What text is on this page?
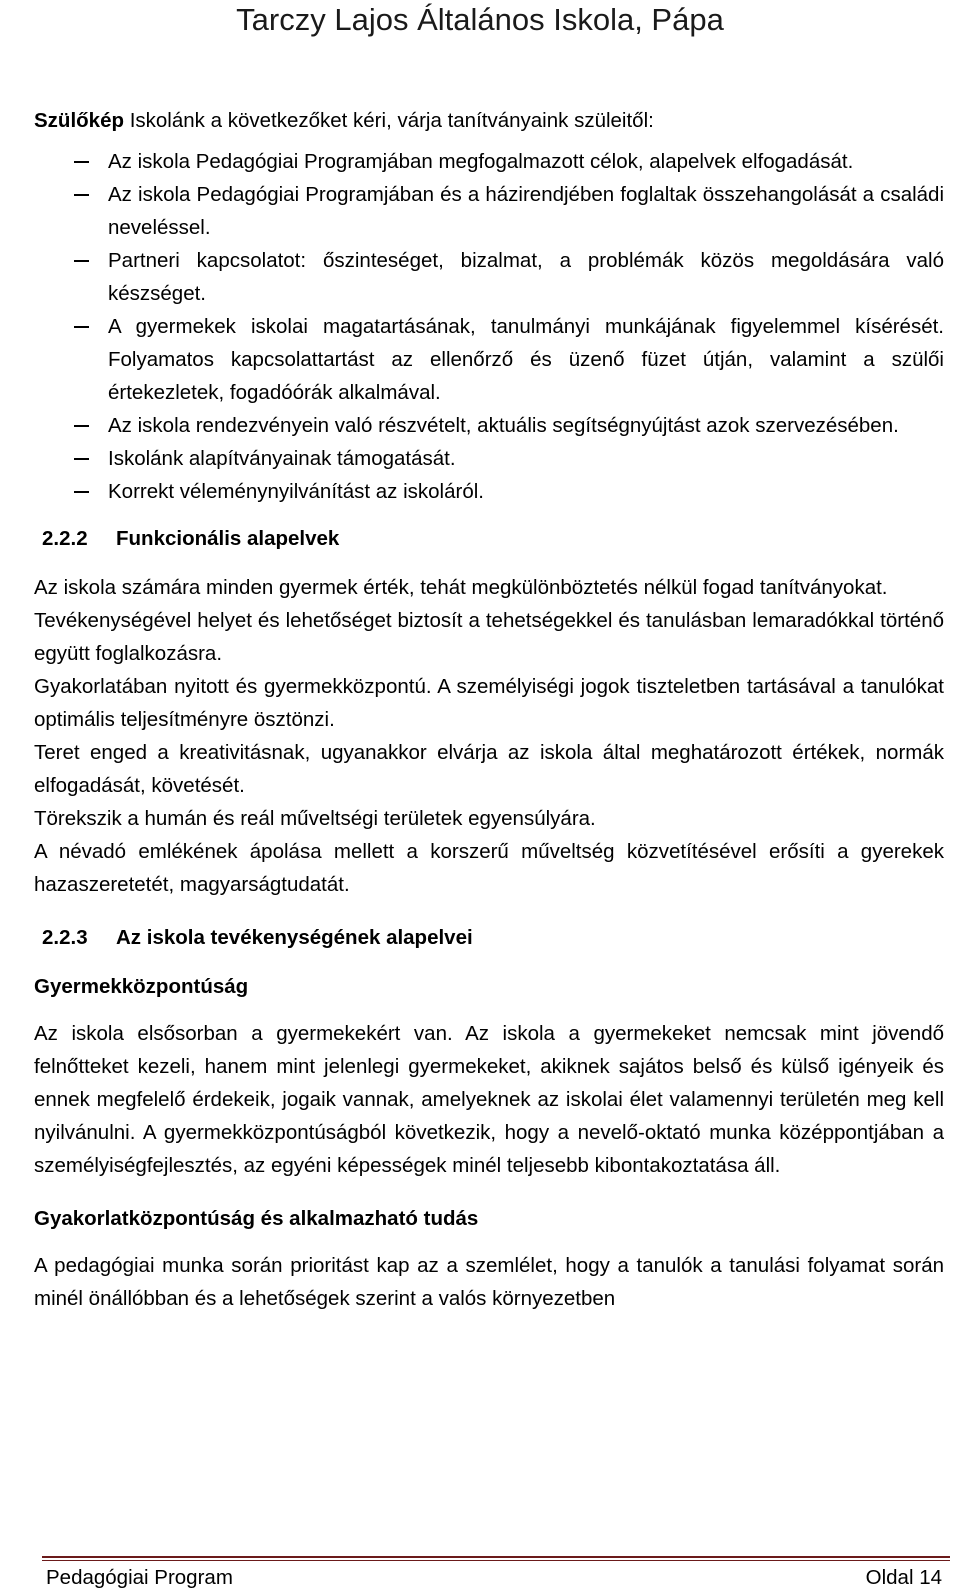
Tarczy Lajos Általános Iskola, Pápa

Szülőkép Iskolánk a következőket kéri, várja tanítványaink szüleitől:

Az iskola Pedagógiai Programjában megfogalmazott célok, alapelvek elfogadását.
Az iskola Pedagógiai Programjában és a házirendjében foglaltak összehangolását a családi neveléssel.
Partneri kapcsolatot: őszinteséget, bizalmat, a problémák közös megoldására való készséget.
A gyermekek iskolai magatartásának, tanulmányi munkájának figyelemmel kísérését. Folyamatos kapcsolattartást az ellenőrző és üzenő füzet útján, valamint a szülői értekezletek, fogadóórák alkalmával.
Az iskola rendezvényein való részvételt, aktuális segítségnyújtást azok szervezésében.
Iskolánk alapítványainak támogatását.
Korrekt véleménynyilvánítást az iskoláról.
2.2.2 Funkcionális alapelvek

Az iskola számára minden gyermek érték, tehát megkülönböztetés nélkül fogad tanítványokat.

Tevékenységével helyet és lehetőséget biztosít a tehetségekkel és tanulásban lemaradókkal történő együtt foglalkozásra.

Gyakorlatában nyitott és gyermekközpontú. A személyiségi jogok tiszteletben tartásával a tanulókat optimális teljesítményre ösztönzi.

Teret enged a kreativitásnak, ugyanakkor elvárja az iskola által meghatározott értékek, normák elfogadását, követését.

Törekszik a humán és reál műveltségi területek egyensúlyára.

A névadó emlékének ápolása mellett a korszerű műveltség közvetítésével erősíti a gyerekek hazaszeretetét, magyarságtudatát.

2.2.3 Az iskola tevékenységének alapelvei
Gyermekközpontúság

Az iskola elsősorban a gyermekekért van. Az iskola a gyermekeket nemcsak mint jövendő felnőtteket kezeli, hanem mint jelenlegi gyermekeket, akiknek sajátos belső és külső igényeik és ennek megfelelő érdekeik, jogaik vannak, amelyeknek az iskolai élet valamennyi területén meg kell nyilvánulni. A gyermekközpontúságból következik, hogy a nevelő-oktató munka középpontjában a személyiségfejlesztés, az egyéni képességek minél teljesebb kibontakoztatása áll.

Gyakorlatközpontúság és alkalmazható tudás

A pedagógiai munka során prioritást kap az a szemlélet, hogy a tanulók a tanulási folyamat során minél önállóbban és a lehetőségek szerint a valós környezetben

Pedagógiai Program	Oldal 14
